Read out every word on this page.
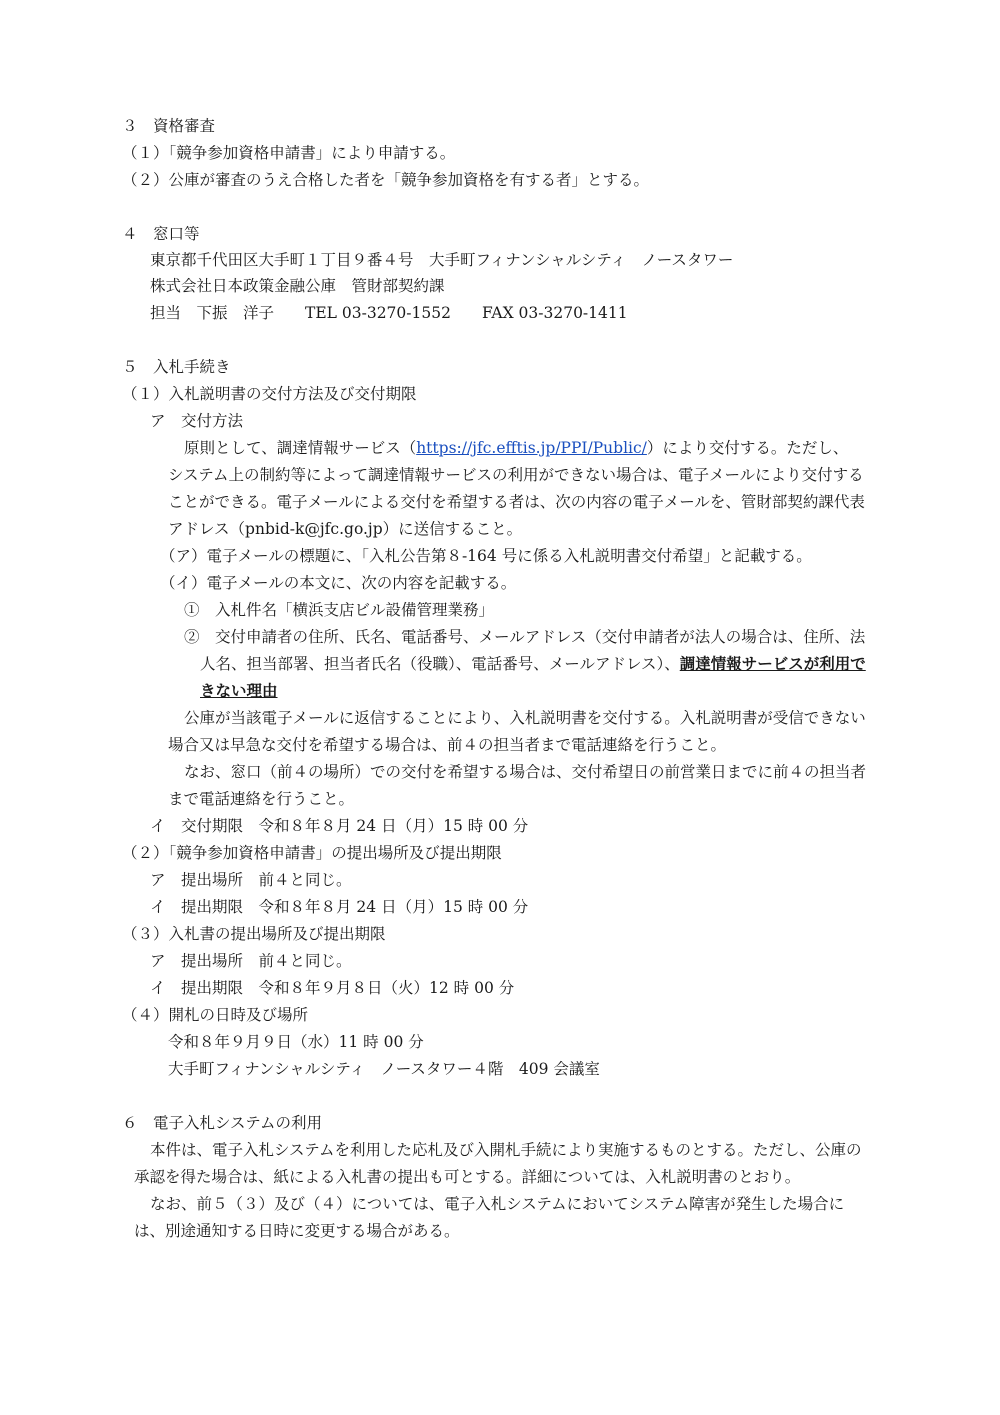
３　資格審査
（１）「競争参加資格申請書」により申請する。
（２）公庫が審査のうえ合格した者を「競争参加資格を有する者」とする。
４　窓口等
東京都千代田区大手町１丁目９番４号　大手町フィナンシャルシティ　ノースタワー
株式会社日本政策金融公庫　管財部契約課
担当　下振　洋子　　TEL 03-3270-1552　　FAX 03-3270-1411
５　入札手続き
（１）入札説明書の交付方法及び交付期限
ア　交付方法
原則として、調達情報サービス（https://jfc.efftis.jp/PPI/Public/）により交付する。ただし、
システム上の制約等によって調達情報サービスの利用ができない場合は、電子メールにより交付する
ことができる。電子メールによる交付を希望する者は、次の内容の電子メールを、管財部契約課代表
アドレス（pnbid-k@jfc.go.jp）に送信すること。
（ア）電子メールの標題に、「入札公告第８-164 号に係る入札説明書交付希望」と記載する。
（イ）電子メールの本文に、次の内容を記載する。
①　入札件名「横浜支店ビル設備管理業務」
②　交付申請者の住所、氏名、電話番号、メールアドレス（交付申請者が法人の場合は、住所、法
人名、担当部署、担当者氏名（役職）、電話番号、メールアドレス）、調達情報サービスが利用で
きない理由
公庫が当該電子メールに返信することにより、入札説明書を交付する。入札説明書が受信できない
場合又は早急な交付を希望する場合は、前４の担当者まで電話連絡を行うこと。
なお、窓口（前４の場所）での交付を希望する場合は、交付希望日の前営業日までに前４の担当者
まで電話連絡を行うこと。
イ　交付期限　令和８年８月 24 日（月）15 時 00 分
（２）「競争参加資格申請書」の提出場所及び提出期限
ア　提出場所　前４と同じ。
イ　提出期限　令和８年８月 24 日（月）15 時 00 分
（３）入札書の提出場所及び提出期限
ア　提出場所　前４と同じ。
イ　提出期限　令和８年９月８日（火）12 時 00 分
（４）開札の日時及び場所
令和８年９月９日（水）11 時 00 分
大手町フィナンシャルシティ　ノースタワー４階　409 会議室
６　電子入札システムの利用
本件は、電子入札システムを利用した応札及び入開札手続により実施するものとする。ただし、公庫の
承認を得た場合は、紙による入札書の提出も可とする。詳細については、入札説明書のとおり。
なお、前５（３）及び（４）については、電子入札システムにおいてシステム障害が発生した場合に
は、別途通知する日時に変更する場合がある。
